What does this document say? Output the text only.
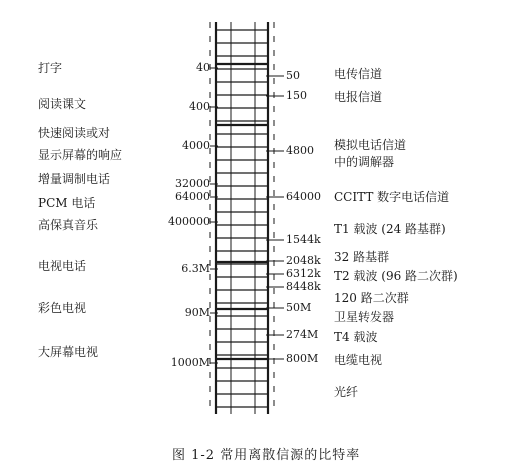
打字
阅读课文
快速阅读或对
显示屏幕的响应
增量调制电话
PCM 电话
高保真音乐
电视电话
彩色电视
大屏幕电视
40
400
4000
32000
64000
400000
6.3M
90M
1000M
50
150
4800
64000
1544k
2048k
6312k
8448k
50M
274M
800M
电传信道
电报信道
模拟电话信道
中的调解器
CCITT 数字电话信道
T1 载波 (24 路基群)
32 路基群
T2 载波 (96 路二次群)
120 路二次群
卫星转发器
T4 载波
电缆电视
光纤
图 1-2 常用离散信源的比特率
